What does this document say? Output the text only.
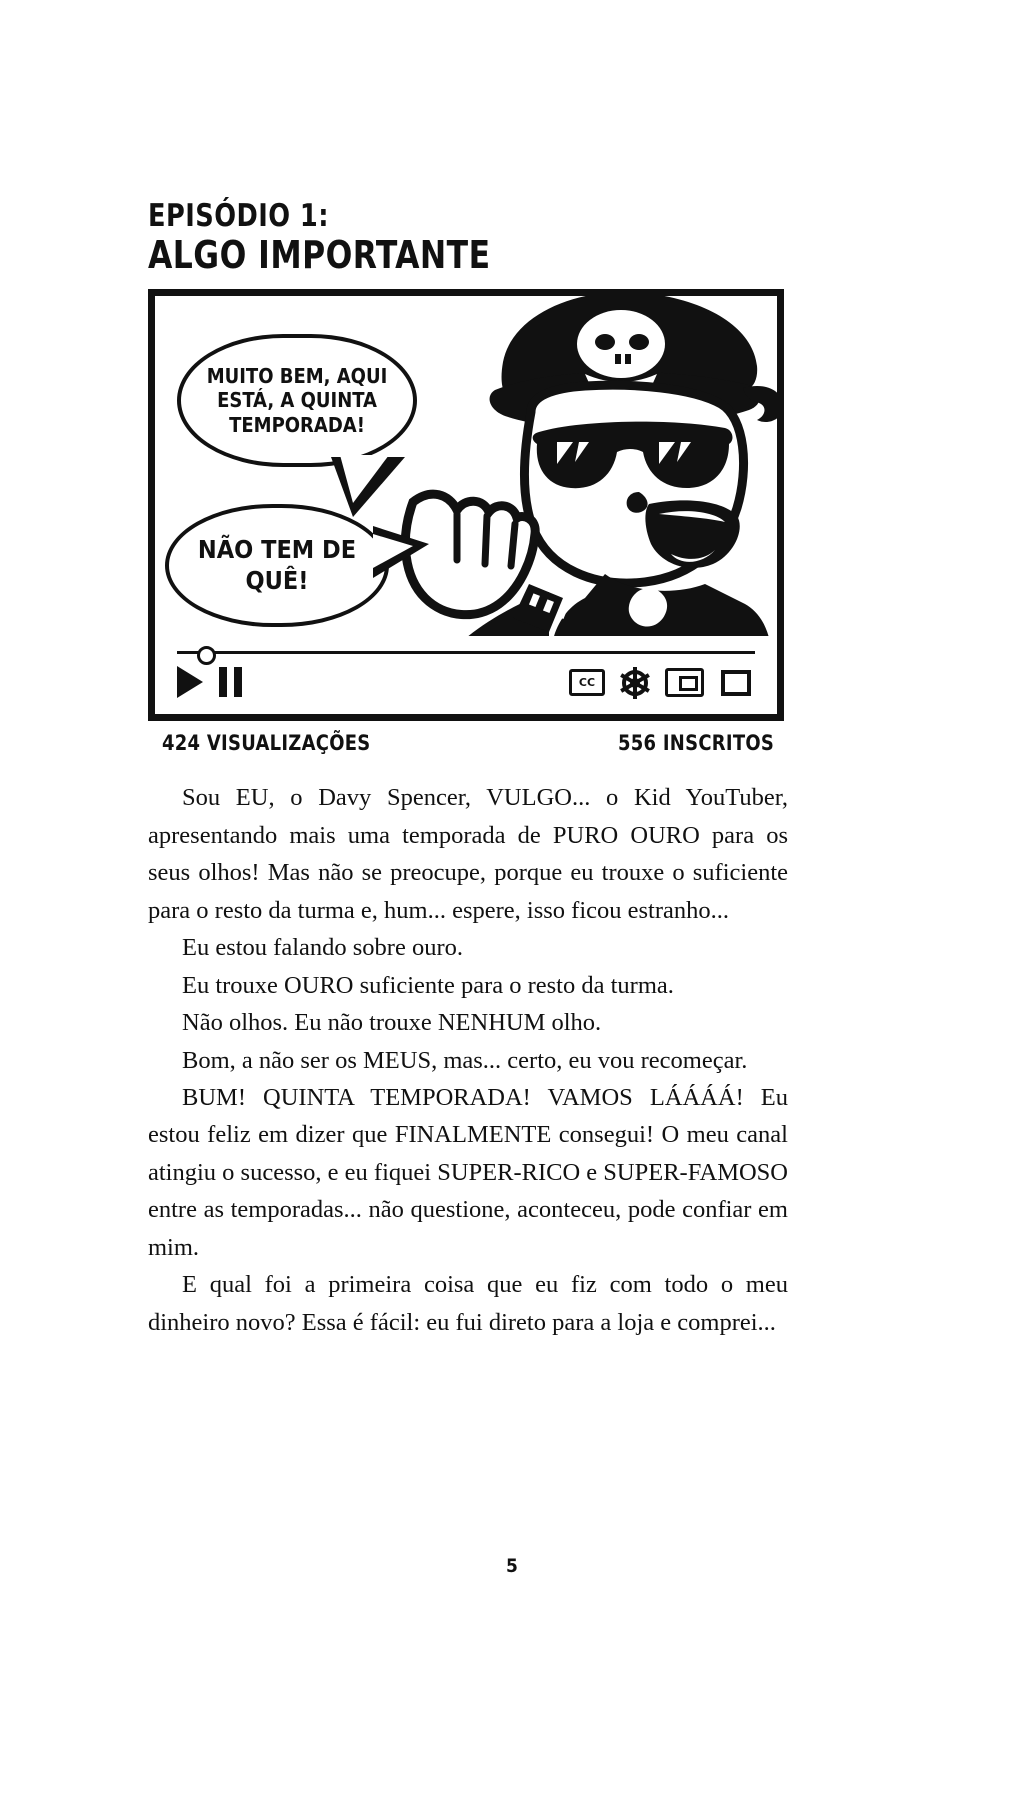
EPISÓDIO 1:
ALGO IMPORTANTE
MUITO BEM, AQUI ESTÁ, A QUINTA TEMPORADA!
NÃO TEM DE QUÊ!
CC
424 VISUALIZAÇÕES	556 INSCRITOS

Sou EU, o Davy Spencer, VULGO... o Kid YouTuber, apresentando mais uma temporada de PURO OURO para os seus olhos! Mas não se preocupe, porque eu trouxe o suficiente para o resto da turma e, hum... espere, isso ficou estranho...

Eu estou falando sobre ouro.

Eu trouxe OURO suficiente para o resto da turma.

Não olhos. Eu não trouxe NENHUM olho.

Bom, a não ser os MEUS, mas... certo, eu vou recomeçar.

BUM! QUINTA TEMPORADA! VAMOS LÁÁÁÁ! Eu estou feliz em dizer que FINALMENTE consegui! O meu canal atingiu o sucesso, e eu fiquei SUPER-RICO e SUPER-FAMOSO entre as temporadas... não questione, aconteceu, pode confiar em mim.

E qual foi a primeira coisa que eu fiz com todo o meu dinheiro novo? Essa é fácil: eu fui direto para a loja e comprei...

5
